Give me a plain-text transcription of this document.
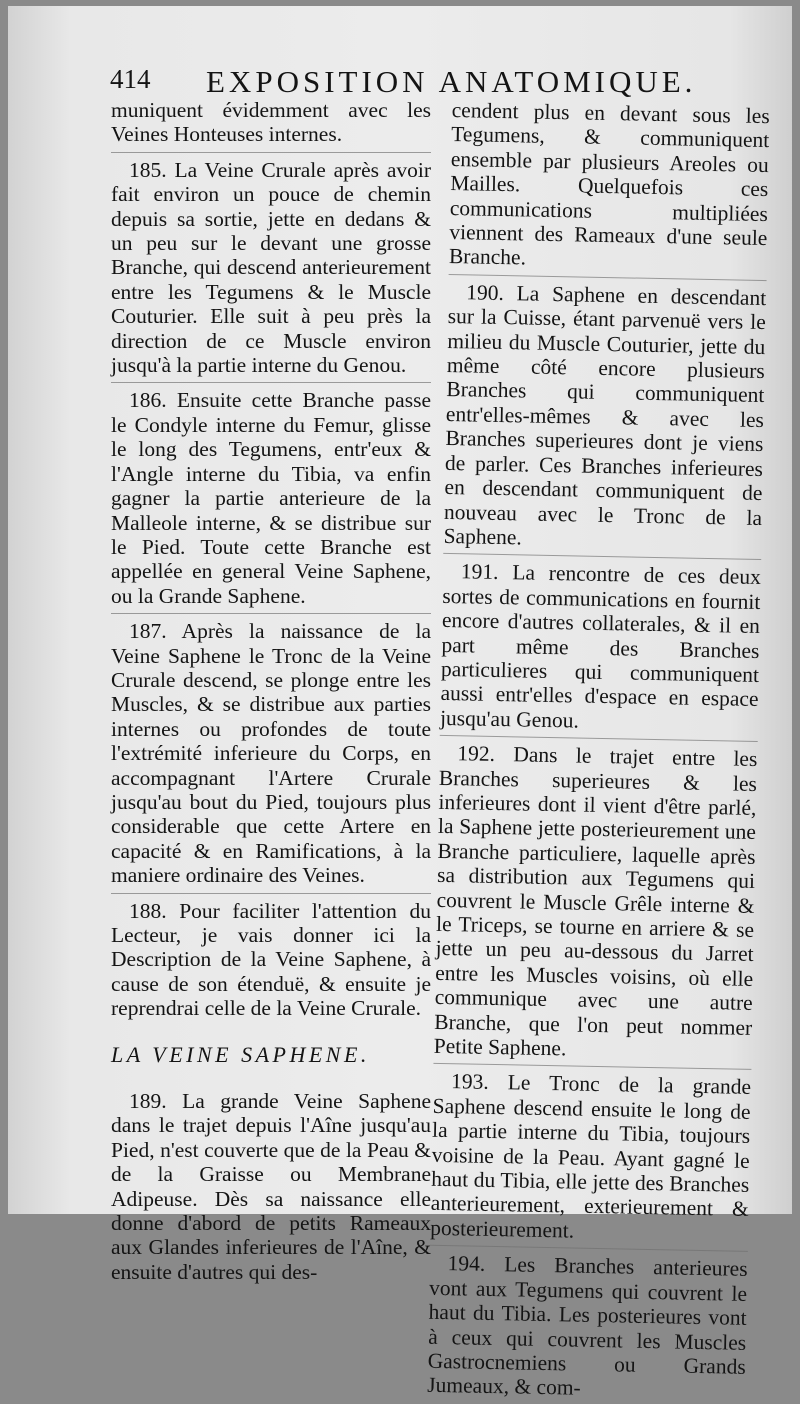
414 EXPOSITION ANATOMIQUE.

muniquent évidemment avec les Veines Honteuses internes.

185. La Veine Crurale après avoir fait environ un pouce de chemin depuis sa sortie, jette en dedans & un peu sur le devant une grosse Branche, qui descend anterieurement entre les Tegumens & le Muscle Couturier. Elle suit à peu près la direction de ce Muscle environ jusqu'à la partie interne du Genou.

186. Ensuite cette Branche passe le Condyle interne du Femur, glisse le long des Tegumens, entr'eux & l'Angle interne du Tibia, va enfin gagner la partie anterieure de la Malleole interne, & se distribue sur le Pied. Toute cette Branche est appellée en general Veine Saphene, ou la Grande Saphene.

187. Après la naissance de la Veine Saphene le Tronc de la Veine Crurale descend, se plonge entre les Muscles, & se distribue aux parties internes ou profondes de toute l'extrémité inferieure du Corps, en accompagnant l'Artere Crurale jusqu'au bout du Pied, toujours plus considerable que cette Artere en capacité & en Ramifications, à la maniere ordinaire des Veines.

188. Pour faciliter l'attention du Lecteur, je vais donner ici la Description de la Veine Saphene, à cause de son étenduë, & ensuite je reprendrai celle de la Veine Crurale.

LA VEINE SAPHENE.

189. La grande Veine Saphene dans le trajet depuis l'Aîne jusqu'au Pied, n'est couverte que de la Peau & de la Graisse ou Membrane Adipeuse. Dès sa naissance elle donne d'abord de petits Rameaux aux Glandes inferieures de l'Aîne, & ensuite d'autres qui des-

cendent plus en devant sous les Tegumens, & communiquent ensemble par plusieurs Areoles ou Mailles. Quelquefois ces communications multipliées viennent des Rameaux d'une seule Branche.

190. La Saphene en descendant sur la Cuisse, étant parvenuë vers le milieu du Muscle Couturier, jette du même côté encore plusieurs Branches qui communiquent entr'elles-mêmes & avec les Branches superieures dont je viens de parler. Ces Branches inferieures en descendant communiquent de nouveau avec le Tronc de la Saphene.

191. La rencontre de ces deux sortes de communications en fournit encore d'autres collaterales, & il en part même des Branches particulieres qui communiquent aussi entr'elles d'espace en espace jusqu'au Genou.

192. Dans le trajet entre les Branches superieures & les inferieures dont il vient d'être parlé, la Saphene jette posterieurement une Branche particuliere, laquelle après sa distribution aux Tegumens qui couvrent le Muscle Grêle interne & le Triceps, se tourne en arriere & se jette un peu au-dessous du Jarret entre les Muscles voisins, où elle communique avec une autre Branche, que l'on peut nommer Petite Saphene.

193. Le Tronc de la grande Saphene descend ensuite le long de la partie interne du Tibia, toujours voisine de la Peau. Ayant gagné le haut du Tibia, elle jette des Branches anterieurement, exterieurement & posterieurement.

194. Les Branches anterieures vont aux Tegumens qui couvrent le haut du Tibia. Les posterieures vont à ceux qui couvrent les Muscles Gastrocnemiens ou Grands Jumeaux, & com-
